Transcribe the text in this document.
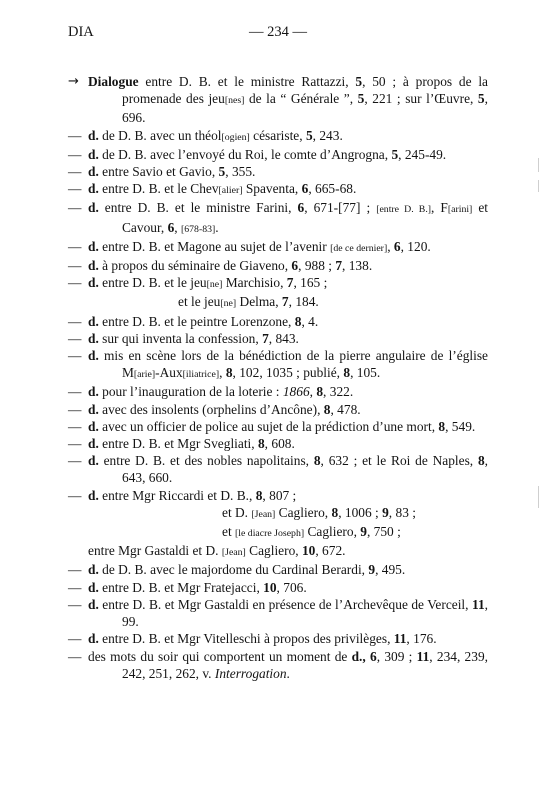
DIA	— 234 —
→ Dialogue entre D. B. et le ministre Rattazzi, 5, 50 ; à propos de la promenade des jeu[nes] de la “ Générale ”, 5, 221 ; sur l’Œuvre, 5, 696.
— d. de D. B. avec un théol[ogien] césariste, 5, 243.
— d. de D. B. avec l’envoyé du Roi, le comte d’Angrogna, 5, 245-49.
— d. entre Savio et Gavio, 5, 355.
— d. entre D. B. et le Chev[alier] Spaventa, 6, 665-68.
— d. entre D. B. et le ministre Farini, 6, 671-[77] ; [entre D. B.], F[arini] et Cavour, 6, [678-83].
— d. entre D. B. et Magone au sujet de l’avenir [de ce dernier], 6, 120.
— d. à propos du séminaire de Giaveno, 6, 988 ; 7, 138.
— d. entre D. B. et le jeu[ne] Marchisio, 7, 165 ;
et le jeu[ne] Delma, 7, 184.
— d. entre D. B. et le peintre Lorenzone, 8, 4.
— d. sur qui inventa la confession, 7, 843.
— d. mis en scène lors de la bénédiction de la pierre angulaire de l’église M[arie]-Aux[iliatrice], 8, 102, 1035 ; publié, 8, 105.
— d. pour l’inauguration de la loterie : 1866, 8, 322.
— d. avec des insolents (orphelins d’Ancône), 8, 478.
— d. avec un officier de police au sujet de la prédiction d’une mort, 8, 549.
— d. entre D. B. et Mgr Svegliati, 8, 608.
— d. entre D. B. et des nobles napolitains, 8, 632 ; et le Roi de Naples, 8, 643, 660.
— d. entre Mgr Riccardi et D. B., 8, 807 ;
et D. [Jean] Cagliero, 8, 1006 ; 9, 83 ;
et [le diacre Joseph] Cagliero, 9, 750 ;
entre Mgr Gastaldi et D. [Jean] Cagliero, 10, 672.
— d. de D. B. avec le majordome du Cardinal Berardi, 9, 495.
— d. entre D. B. et Mgr Fratejacci, 10, 706.
— d. entre D. B. et Mgr Gastaldi en présence de l’Archevêque de Verceil, 11, 99.
— d. entre D. B. et Mgr Vitelleschi à propos des privilèges, 11, 176.
— des mots du soir qui comportent un moment de d., 6, 309 ; 11, 234, 239, 242, 251, 262, v. Interrogation.
